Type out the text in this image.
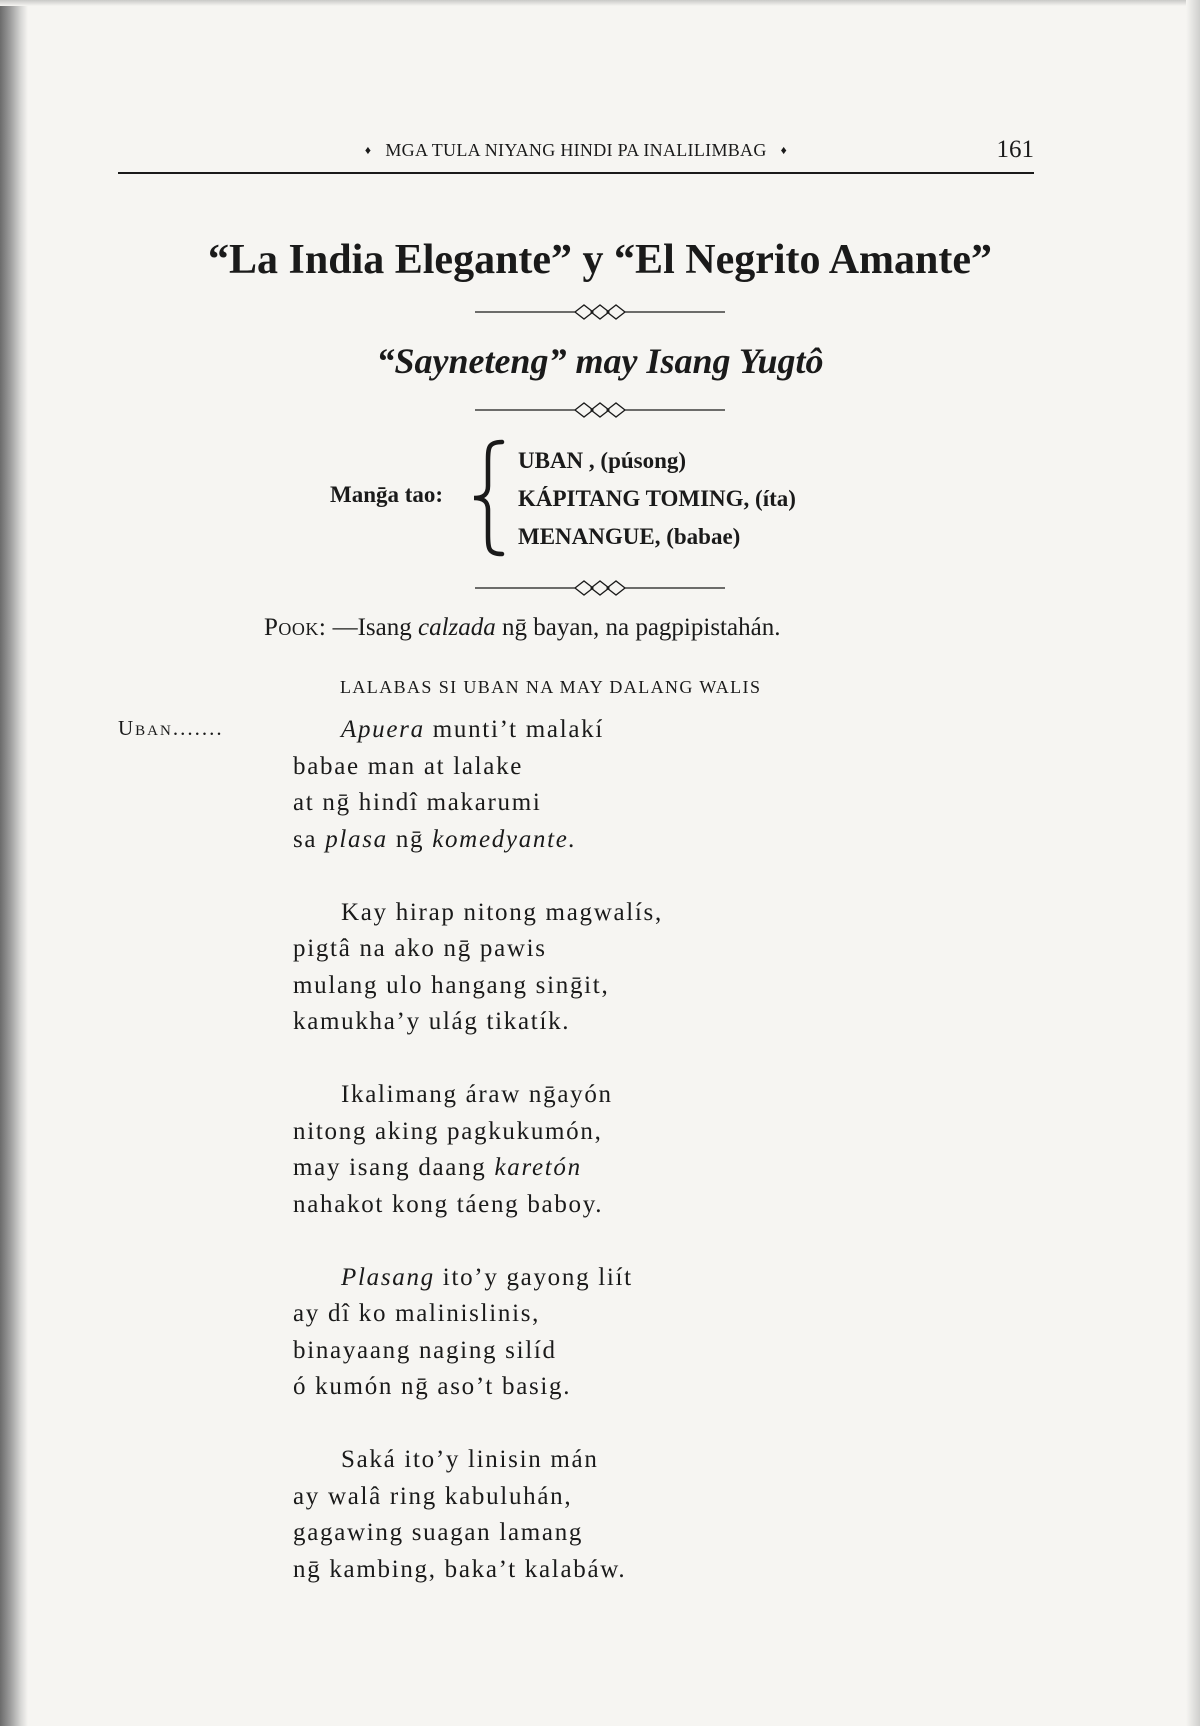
♦ MGA TULA NIYANG HINDI PA INALILIMBAG ♦	161
“La India Elegante” y “El Negrito Amante”
“Sayneteng” may Isang Yugtô
Manḡa tao:
UBAN , (púsong)
KÁPITANG TOMING, (íta)
MENANGUE, (babae)

Pook: —Isang calzada nḡ bayan, na pagpipistahán.

LALABAS SI UBAN NA MAY DALANG WALIS

Uban.......	Apuera munti’t malakí
babae man at lalake
at nḡ hindî makarumi
sa plasa nḡ komedyante.
Kay hirap nitong magwalís,
pigtâ na ako nḡ pawis
mulang ulo hangang sinḡit,
kamukha’y ulág tikatík.
Ikalimang áraw nḡayón
nitong aking pagkukumón,
may isang daang karetón
nahakot kong táeng baboy.
Plasang ito’y gayong liít
ay dî ko malinislinis,
binayaang naging silíd
ó kumón nḡ aso’t basig.
Saká ito’y linisin mán
ay walâ ring kabuluhán,
gagawing suagan lamang
nḡ kambing, baka’t kalabáw.
